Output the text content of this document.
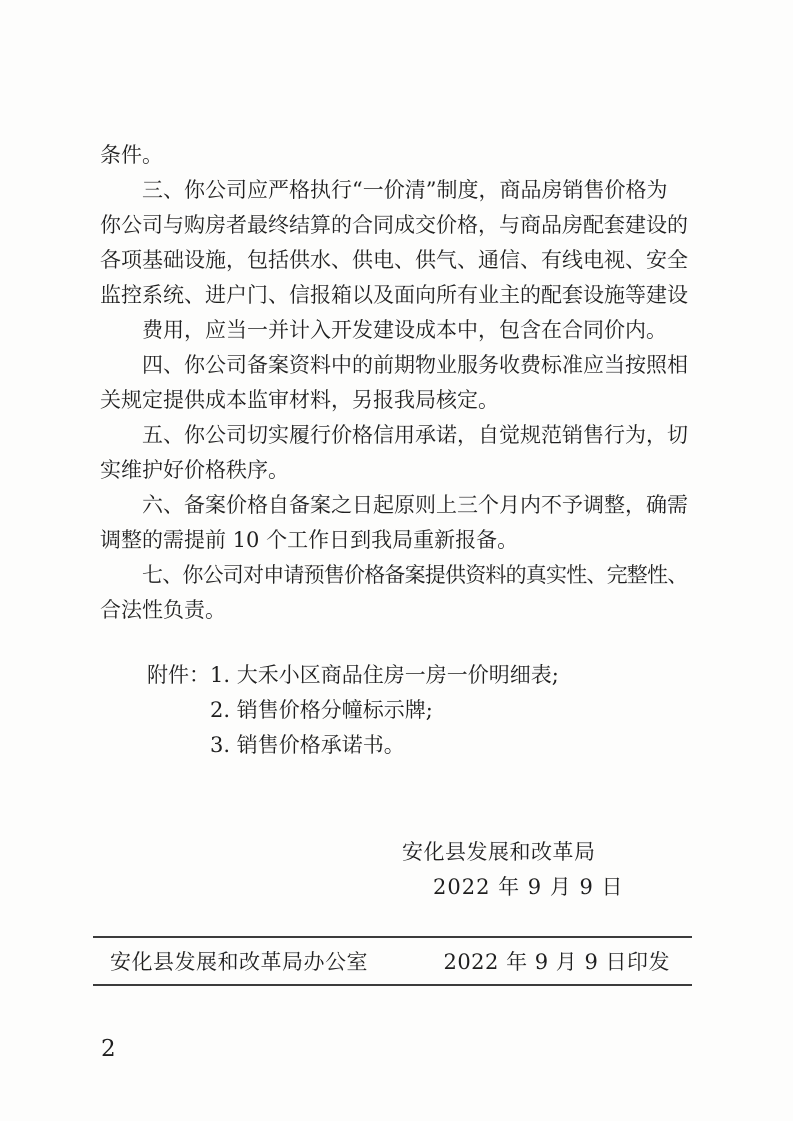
条件。
三、你公司应严格执行“一价清”制度，商品房销售价格为
你公司与购房者最终结算的合同成交价格，与商品房配套建设的
各项基础设施，包括供水、供电、供气、通信、有线电视、安全
监控系统、进户门、信报箱以及面向所有业主的配套设施等建设
费用，应当一并计入开发建设成本中，包含在合同价内。
四、你公司备案资料中的前期物业服务收费标准应当按照相
关规定提供成本监审材料，另报我局核定。
五、你公司切实履行价格信用承诺，自觉规范销售行为，切
实维护好价格秩序。
六、备案价格自备案之日起原则上三个月内不予调整，确需
调整的需提前 10 个工作日到我局重新报备。
七、你公司对申请预售价格备案提供资料的真实性、完整性、
合法性负责。
附件：1. 大禾小区商品住房一房一价明细表;
2. 销售价格分幢标示牌;
3. 销售价格承诺书。
安化县发展和改革局
2022 年 9 月 9 日
安化县发展和改革局办公室	2022 年 9 月 9 日印发
2
